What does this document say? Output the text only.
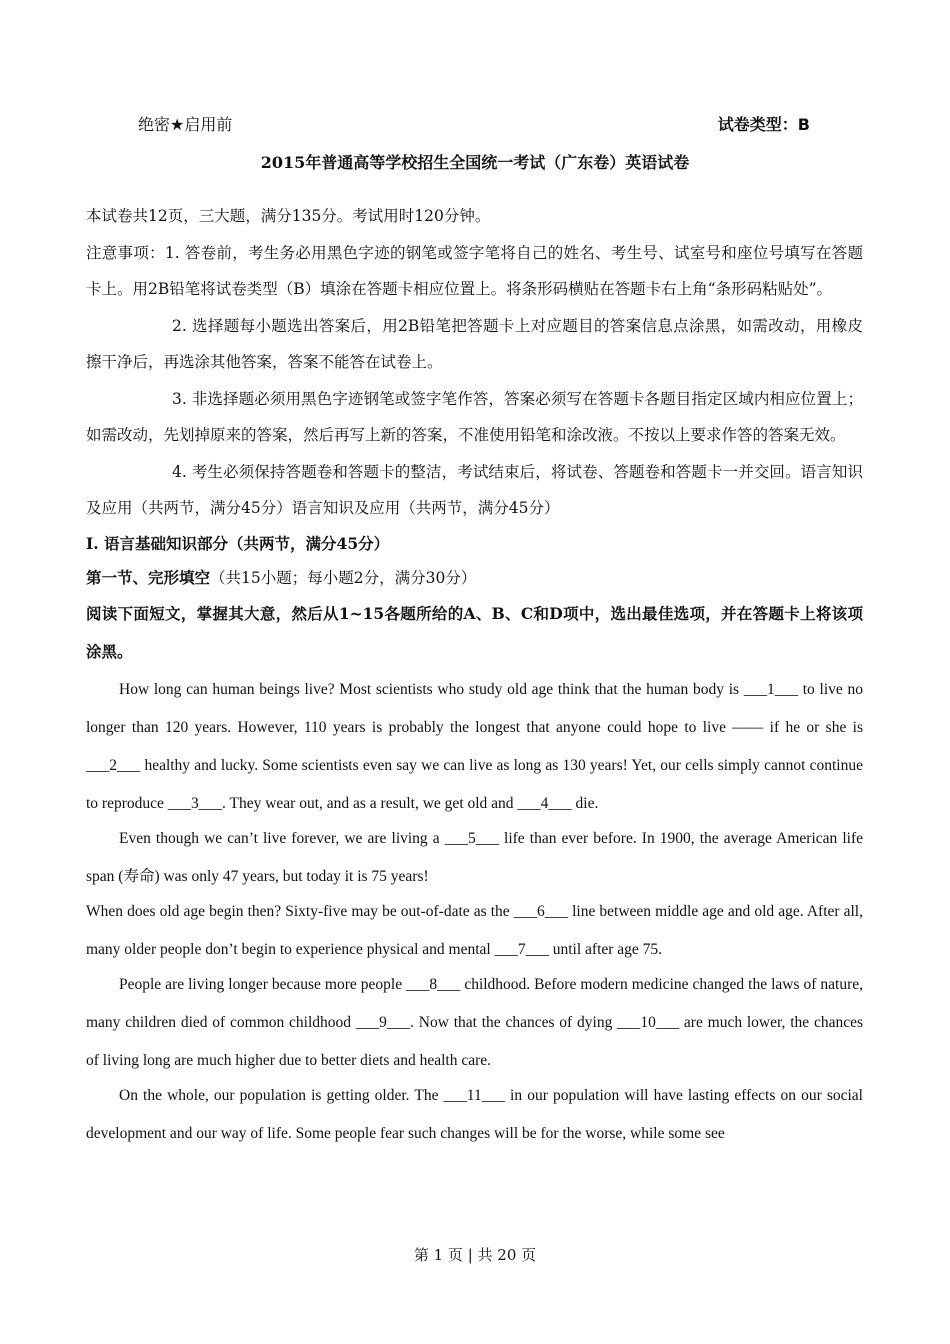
绝密★启用前	试卷类型：B
2015年普通高等学校招生全国统一考试（广东卷）英语试卷

本试卷共12页，三大题，满分135分。考试用时120分钟。

注意事项：1. 答卷前，考生务必用黑色字迹的钢笔或签字笔将自己的姓名、考生号、试室号和座位号填写在答题卡上。用2B铅笔将试卷类型（B）填涂在答题卡相应位置上。将条形码横贴在答题卡右上角“条形码粘贴处”。

2. 选择题每小题选出答案后，用2B铅笔把答题卡上对应题目的答案信息点涂黑，如需改动，用橡皮擦干净后，再选涂其他答案，答案不能答在试卷上。

3. 非选择题必须用黑色字迹钢笔或签字笔作答，答案必须写在答题卡各题目指定区域内相应位置上；如需改动，先划掉原来的答案，然后再写上新的答案，不准使用铅笔和涂改液。不按以上要求作答的答案无效。

4. 考生必须保持答题卷和答题卡的整洁，考试结束后，将试卷、答题卷和答题卡一并交回。语言知识及应用（共两节，满分45分）语言知识及应用（共两节，满分45分）

Ⅰ. 语言基础知识部分（共两节，满分45分）

第一节、完形填空（共15小题；每小题2分，满分30分）

阅读下面短文，掌握其大意，然后从1~15各题所给的A、B、C和D项中，选出最佳选项，并在答题卡上将该项涂黑。

How long can human beings live? Most scientists who study old age think that the human body is ___1___ to live no longer than 120 years. However, 110 years is probably the longest that anyone could hope to live —— if he or she is ___2___ healthy and lucky. Some scientists even say we can live as long as 130 years! Yet, our cells simply cannot continue to reproduce ___3___. They wear out, and as a result, we get old and ___4___ die.

Even though we can’t live forever, we are living a ___5___ life than ever before. In 1900, the average American life span (寿命) was only 47 years, but today it is 75 years!

When does old age begin then? Sixty-five may be out-of-date as the ___6___ line between middle age and old age. After all, many older people don’t begin to experience physical and mental ___7___ until after age 75.

People are living longer because more people ___8___ childhood. Before modern medicine changed the laws of nature, many children died of common childhood ___9___. Now that the chances of dying ___10___ are much lower, the chances of living long are much higher due to better diets and health care.

On the whole, our population is getting older. The ___11___ in our population will have lasting effects on our social development and our way of life. Some people fear such changes will be for the worse, while some see

第 1 页 | 共 20 页
